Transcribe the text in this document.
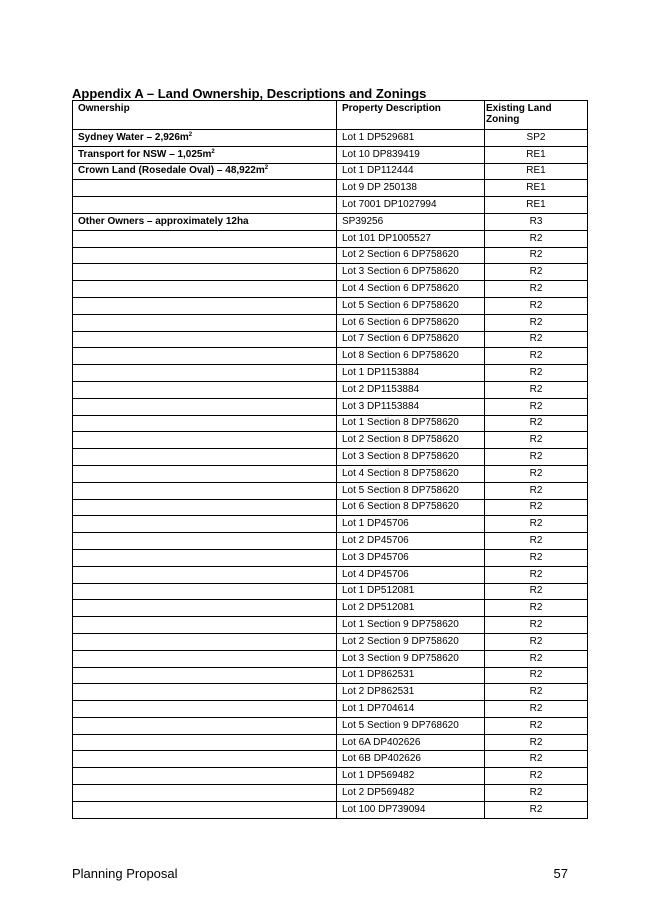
Appendix A – Land Ownership, Descriptions and Zonings
Ownership	Property Description	Existing Land Zoning
Sydney Water – $2,926m^2$	Lot 1 DP529681	SP2
Transport for NSW – $1,025m^2$	Lot 10 DP839419	RE1
Crown Land (Rosedale Oval) – $48,922m^2$	Lot 1 DP112444	RE1
	Lot 9 DP 250138	RE1
	Lot 7001 DP1027994	RE1
Other Owners – approximately 12ha	SP39256	R3
	Lot 101 DP1005527	R2
	Lot 2 Section 6 DP758620	R2
	Lot 3 Section 6 DP758620	R2
	Lot 4 Section 6 DP758620	R2
	Lot 5 Section 6 DP758620	R2
	Lot 6 Section 6 DP758620	R2
	Lot 7 Section 6 DP758620	R2
	Lot 8 Section 6 DP758620	R2
	Lot 1 DP1153884	R2
	Lot 2 DP1153884	R2
	Lot 3 DP1153884	R2
	Lot 1 Section 8 DP758620	R2
	Lot 2 Section 8 DP758620	R2
	Lot 3 Section 8 DP758620	R2
	Lot 4 Section 8 DP758620	R2
	Lot 5 Section 8 DP758620	R2
	Lot 6 Section 8 DP758620	R2
	Lot 1 DP45706	R2
	Lot 2 DP45706	R2
	Lot 3 DP45706	R2
	Lot 4 DP45706	R2
	Lot 1 DP512081	R2
	Lot 2 DP512081	R2
	Lot 1 Section 9 DP758620	R2
	Lot 2 Section 9 DP758620	R2
	Lot 3 Section 9 DP758620	R2
	Lot 1 DP862531	R2
	Lot 2 DP862531	R2
	Lot 1 DP704614	R2
	Lot 5 Section 9 DP768620	R2
	Lot 6A DP402626	R2
	Lot 6B DP402626	R2
	Lot 1 DP569482	R2
	Lot 2 DP569482	R2
	Lot 100 DP739094	R2
Planning Proposal	57
